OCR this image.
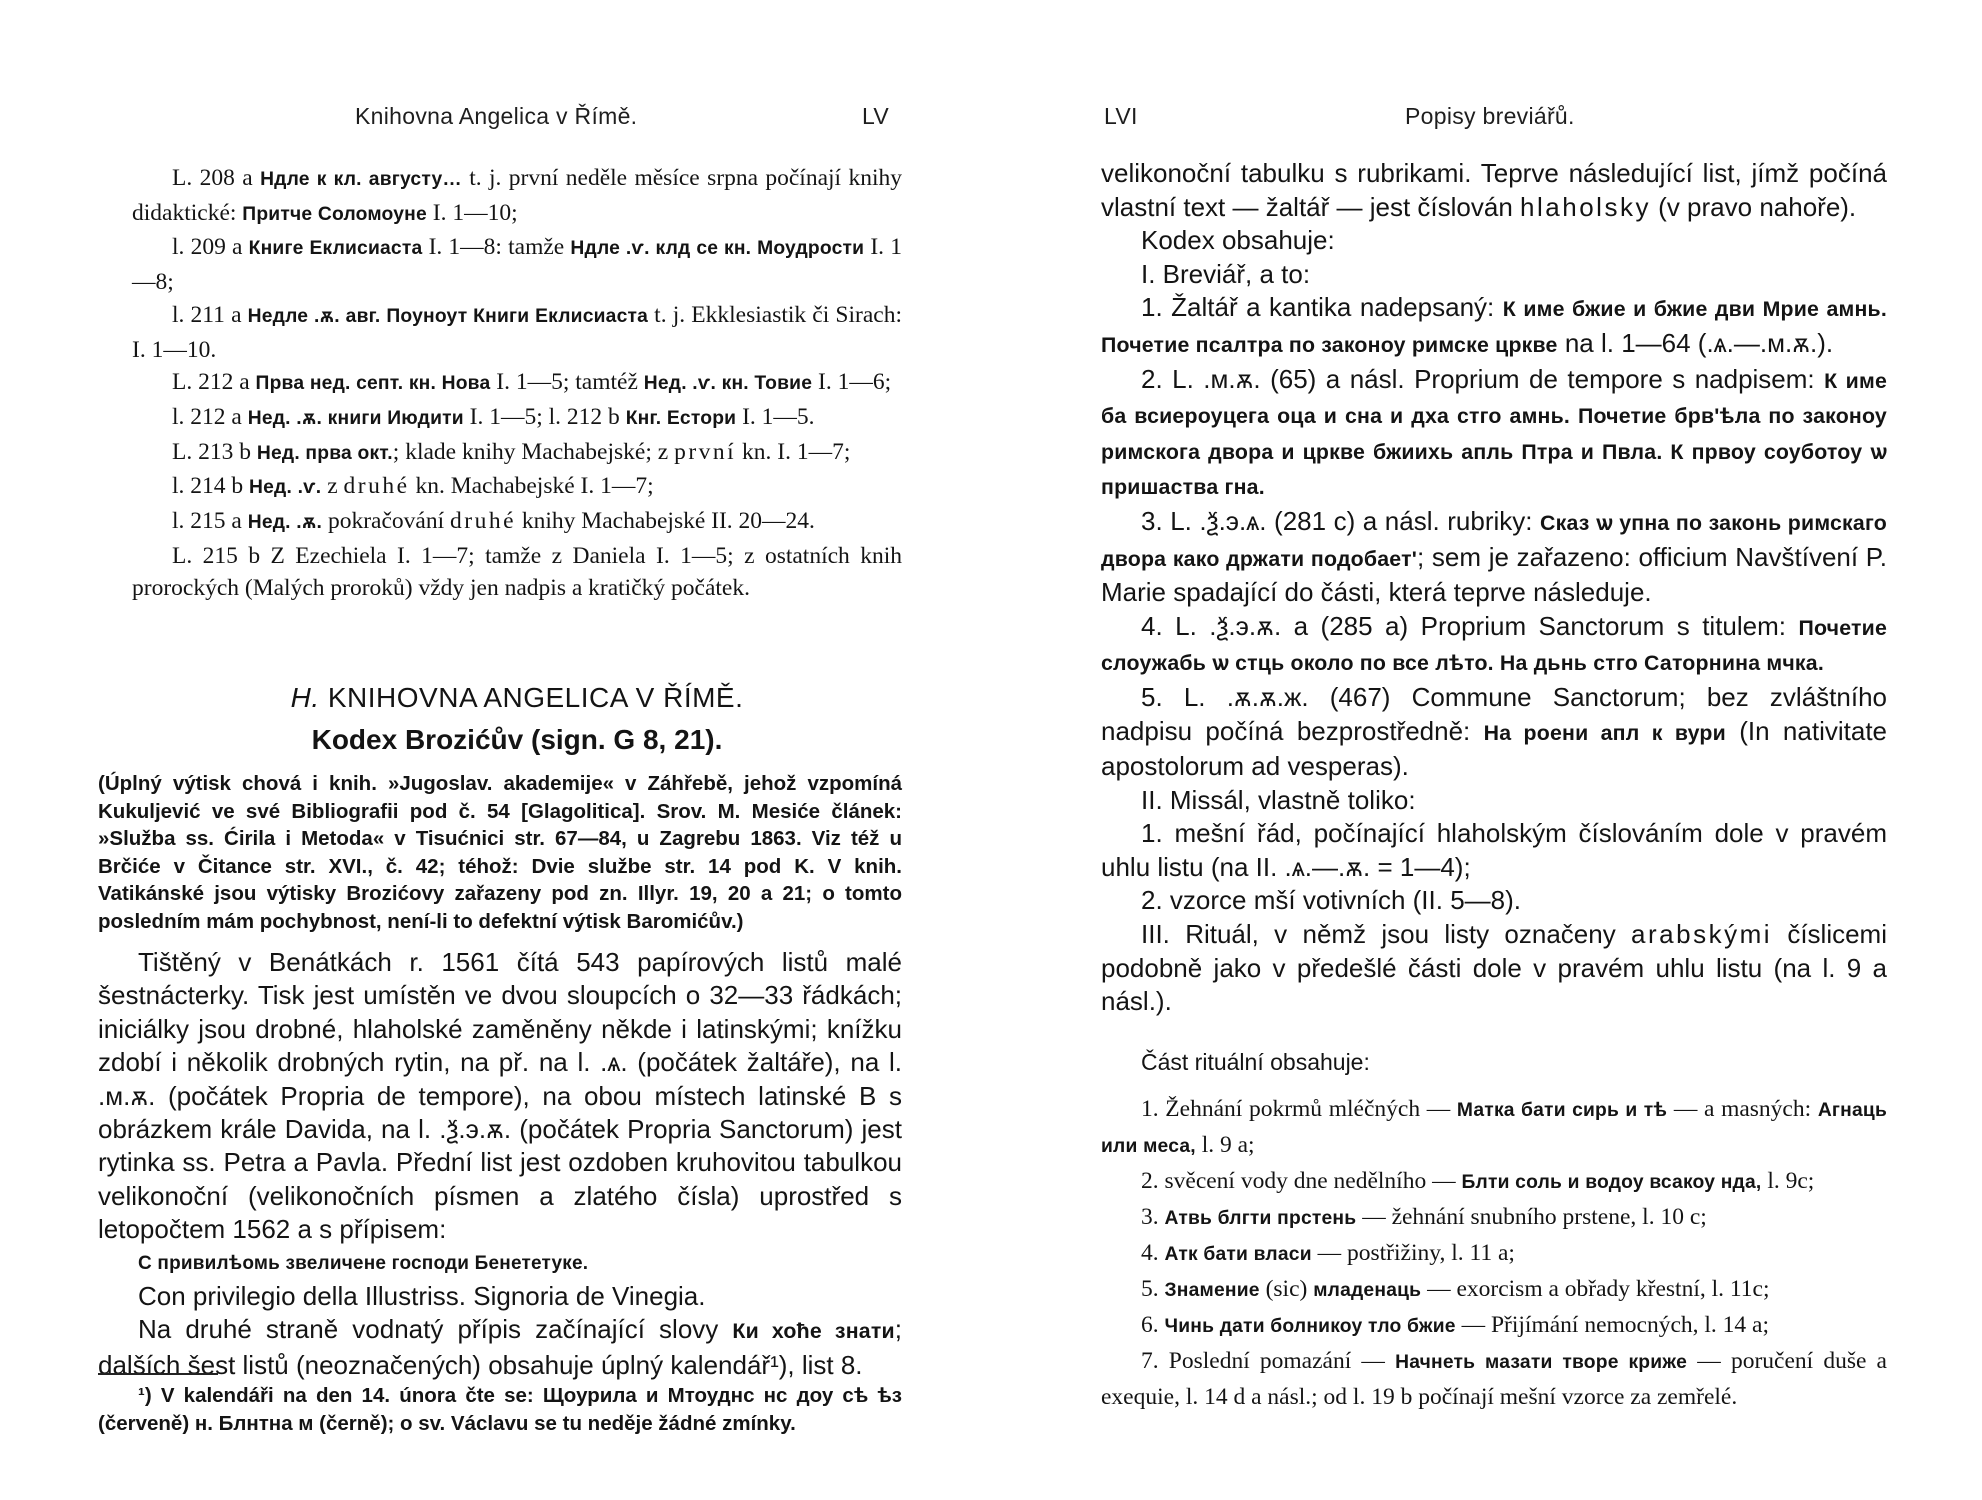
Knihovna Angelica v Římě.	LV

L. 208 a Ндле к кл. августу… t. j. první neděle měsíce srpna počínají knihy didaktické: Притче Соломоуне I. 1—10;

l. 209 a Книге Еклисиаста I. 1—8: tamže Ндле .ѵ. клд се кн. Моудрости I. 1—8;

l. 211 a Недле .ѫ. авг. Поуноут Книги Еклисиаста t. j. Ekklesiastik či Sirach: I. 1—10.

L. 212 a Прва нед. септ. кн. Нова I. 1—5; tamtéž Нед. .ѵ. кн. Товие I. 1—6;

l. 212 a Нед. .ѫ. книги Июдити I. 1—5; l. 212 b Кнг. Естори I. 1—5.

L. 213 b Нед. прва окт.; klade knihy Machabejské; z první kn. I. 1—7;

l. 214 b Нед. .ѵ. z druhé kn. Machabejské I. 1—7;

l. 215 a Нед. .ѫ. pokračování druhé knihy Machabejské II. 20—24.

L. 215 b Z Ezechiela I. 1—7; tamže z Daniela I. 1—5; z ostatních knih prorockých (Malých proroků) vždy jen nadpis a kratičký počátek.

H. KNIHOVNA ANGELICA V ŘÍMĚ.
Kodex Brozićův (sign. G 8, 21).

(Úplný výtisk chová i knih. »Jugoslav. akademije« v Záhřebě, jehož vzpomíná Kukuljević ve své Bibliografii pod č. 54 [Glagolitica]. Srov. M. Mesiće článek: »Služba ss. Ćirila i Metoda« v Tisućnici str. 67—84, u Zagrebu 1863. Viz též u Brčiće v Čitance str. XVI., č. 42; téhož: Dvie službe str. 14 pod K. V knih. Vatikánské jsou výtisky Brozićovy zařazeny pod zn. Illyr. 19, 20 a 21; o tomto posledním mám pochybnost, není-li to defektní výtisk Baromićův.)

Tištěný v Benátkách r. 1561 čítá 543 papírových listů malé šestnácterky. Tisk jest umístěn ve dvou sloupcích o 32—33 řádkách; iniciálky jsou drobné, hlaholské zaměněny někde i latinskými; knížku zdobí i několik drobných rytin, na př. na l. .ѧ. (počátek žaltáře), na l. .м.ѫ. (počátek Propria de tempore), na obou místech latinské B s obrázkem krále Davida, na l. .ѯ.э.ѫ. (počátek Propria Sanctorum) jest rytinka ss. Petra a Pavla. Přední list jest ozdoben kruhovitou tabulkou velikonoční (velikonočních písmen a zlatého čísla) uprostřed s letopočtem 1562 a s přípisem:

С привилѣомь звеличене господи Бенететуке.

Con privilegio della Illustriss. Signoria de Vinegia.

Na druhé straně vodnatý přípis začínající slovy Ки хоће знати; dalších šest listů (neoznačených) obsahuje úplný kalendář¹), list 8.

¹) V kalendáři na den 14. února čte se: Щоурила и Мтоуднс нс доу сѣ ѣз (červeně) н. Блнтна м (černě); o sv. Václavu se tu neděje žádné zmínky.

LVI	Popisy breviářů.

velikonoční tabulku s rubrikami. Teprve následující list, jímž počíná vlastní text — žaltář — jest číslován hlaholsky (v pravo nahoře).

Kodex obsahuje:

I. Breviář, a to:

1. Žaltář a kantika nadepsaný: К име бжие и бжие дви Мрие амнь. Почетие псалтра по законоу римске цркве na l. 1—64 (.ѧ.—.м.ѫ.).

2. L. .м.ѫ. (65) a násl. Proprium de tempore s nadpisem: К име ба всиероуцега оца и сна и дха стго амнь. Почетие брв'ѣла по законоу римскога двора и цркве бжиихь апль Птра и Пвла. К првоу соуботоу ѡ пришаства гна.

3. L. .ѯ.э.ѧ. (281 c) a násl. rubriky: Сказ ѡ упна по законь римскаго двора како држати подобает'; sem je zařazeno: officium Navštívení P. Marie spadající do části, která teprve následuje.

4. L. .ѯ.э.ѫ. a (285 a) Proprium Sanctorum s titulem: Почетие слоужабь ѡ стць около по все лѣто. На дьнь стго Саторнина мчка.

5. L. .ѫ.ѫ.ж. (467) Commune Sanctorum; bez zvláštního nadpisu počíná bezprostředně: На роени апл к вури (In nativitate apostolorum ad vesperas).

II. Missál, vlastně toliko:

1. mešní řád, počínající hlaholským číslováním dole v pravém uhlu listu (na II. .ѧ.—.ѫ. = 1—4);

2. vzorce mší votivních (II. 5—8).

III. Rituál, v němž jsou listy označeny arabskými číslicemi podobně jako v předešlé části dole v pravém uhlu listu (na l. 9 a násl.).

Část rituální obsahuje:

1. Žehnání pokrmů mléčných — Матка бати сирь и тѣ — a masných: Агнаць или меса, l. 9 a;

2. svěcení vody dne nedělního — Блти соль и водоу всакоу нда, l. 9c;

3. Атвь блгти прстень — žehnání snubního prstene, l. 10 c;

4. Атк бати власи — postřižiny, l. 11 a;

5. Знамение (sic) младенаць — exorcism a obřady křestní, l. 11c;

6. Чинь дати болникоу тло бжие — Přijímání nemocných, l. 14 a;

7. Poslední pomazání — Начнеть мазати творе крижe — poručení duše a exequie, l. 14 d a násl.; od l. 19 b počínají mešní vzorce za zemřelé.
